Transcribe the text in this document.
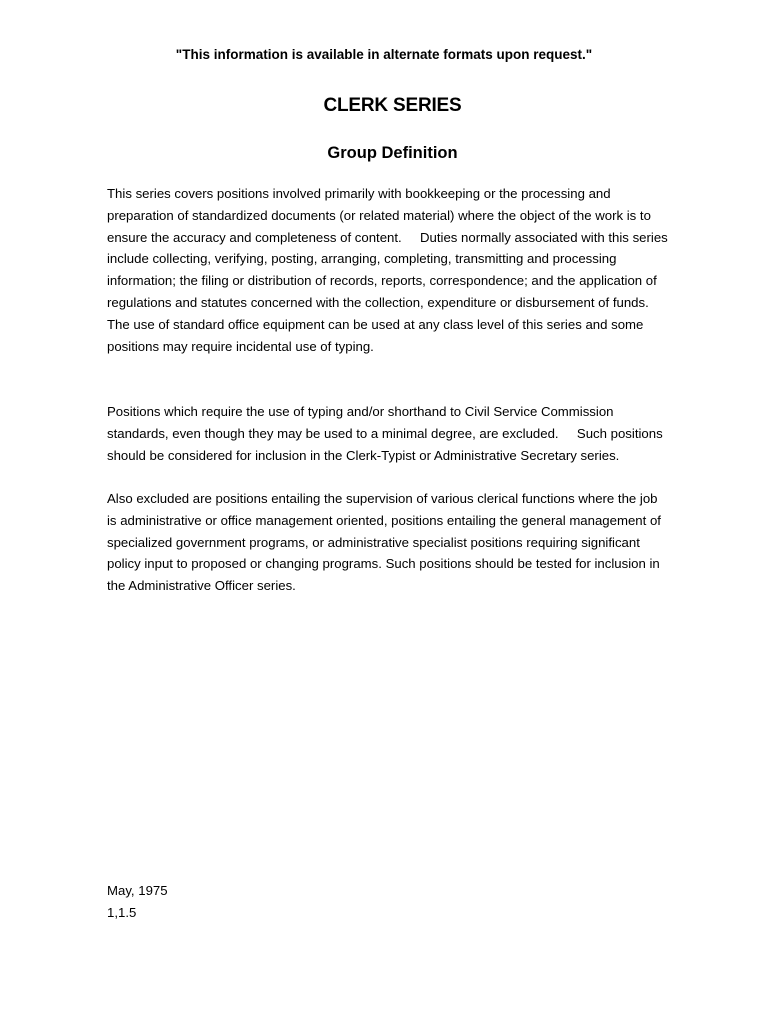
"This information is available in alternate formats upon request."
CLERK SERIES
Group Definition
This series covers positions involved primarily with bookkeeping or the processing and
preparation of standardized documents (or related material) where the object of the work is to
ensure the accuracy and completeness of content.     Duties normally associated with this series
include collecting, verifying, posting, arranging, completing, transmitting and processing
information; the filing or distribution of records, reports, correspondence; and the application of
regulations and statutes concerned with the collection, expenditure or disbursement of funds.
The use of standard office equipment can be used at any class level of this series and some
positions may require incidental use of typing.
Positions which require the use of typing and/or shorthand to Civil Service Commission
standards, even though they may be used to a minimal degree, are excluded.     Such positions
should be considered for inclusion in the Clerk-Typist or Administrative Secretary series.
Also excluded are positions entailing the supervision of various clerical functions where the job
is administrative or office management oriented, positions entailing the general management of
specialized government programs, or administrative specialist positions requiring significant
policy input to proposed or changing programs. Such positions should be tested for inclusion in
the Administrative Officer series.
May, 1975
1,1.5
